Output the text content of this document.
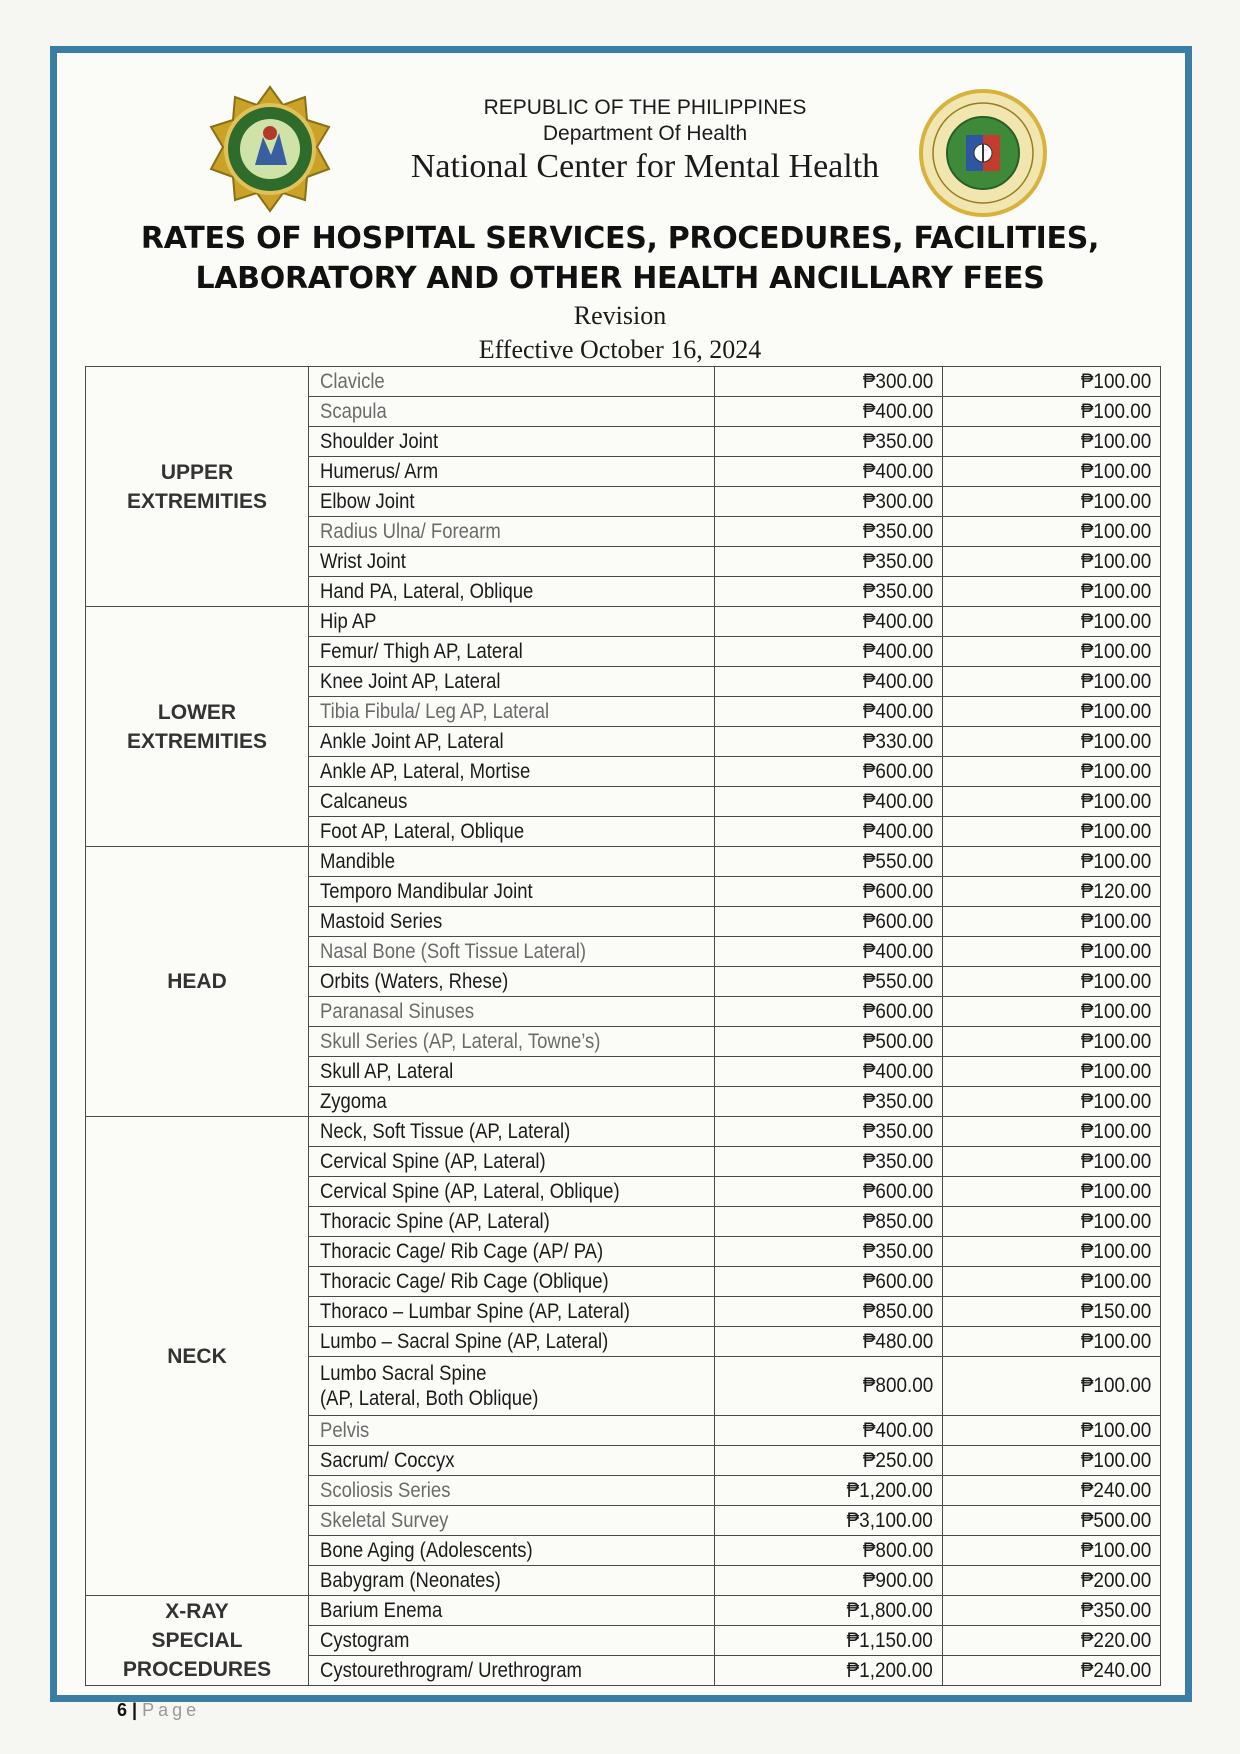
REPUBLIC OF THE PHILIPPINES
Department Of Health
National Center for Mental Health
RATES OF HOSPITAL SERVICES, PROCEDURES, FACILITIES,
LABORATORY AND OTHER HEALTH ANCILLARY FEES
Revision
Effective October 16, 2024
UPPER
EXTREMITIES	Clavicle	₱300.00	₱100.00
	Scapula	₱400.00	₱100.00
	Shoulder Joint	₱350.00	₱100.00
	Humerus/ Arm	₱400.00	₱100.00
	Elbow Joint	₱300.00	₱100.00
	Radius Ulna/ Forearm	₱350.00	₱100.00
	Wrist Joint	₱350.00	₱100.00
	Hand PA, Lateral, Oblique	₱350.00	₱100.00

LOWER
EXTREMITIES	Hip AP	₱400.00	₱100.00
	Femur/ Thigh AP, Lateral	₱400.00	₱100.00
	Knee Joint AP, Lateral	₱400.00	₱100.00
	Tibia Fibula/ Leg AP, Lateral	₱400.00	₱100.00
	Ankle Joint AP, Lateral	₱330.00	₱100.00
	Ankle AP, Lateral, Mortise	₱600.00	₱100.00
	Calcaneus	₱400.00	₱100.00
	Foot AP, Lateral, Oblique	₱400.00	₱100.00

HEAD	Mandible	₱550.00	₱100.00
	Temporo Mandibular Joint	₱600.00	₱120.00
	Mastoid Series	₱600.00	₱100.00
	Nasal Bone (Soft Tissue Lateral)	₱400.00	₱100.00
	Orbits (Waters, Rhese)	₱550.00	₱100.00
	Paranasal Sinuses	₱600.00	₱100.00
	Skull Series (AP, Lateral, Towne’s)	₱500.00	₱100.00
	Skull AP, Lateral	₱400.00	₱100.00
	Zygoma	₱350.00	₱100.00

NECK	Neck, Soft Tissue (AP, Lateral)	₱350.00	₱100.00
	Cervical Spine (AP, Lateral)	₱350.00	₱100.00
	Cervical Spine (AP, Lateral, Oblique)	₱600.00	₱100.00
	Thoracic Spine (AP, Lateral)	₱850.00	₱100.00
	Thoracic Cage/ Rib Cage (AP/ PA)	₱350.00	₱100.00
	Thoracic Cage/ Rib Cage (Oblique)	₱600.00	₱100.00
	Thoraco – Lumbar Spine (AP, Lateral)	₱850.00	₱150.00
	Lumbo – Sacral Spine (AP, Lateral)	₱480.00	₱100.00
	Lumbo Sacral Spine
(AP, Lateral, Both Oblique)	₱800.00	₱100.00
	Pelvis	₱400.00	₱100.00
	Sacrum/ Coccyx	₱250.00	₱100.00
	Scoliosis Series	₱1,200.00	₱240.00
	Skeletal Survey	₱3,100.00	₱500.00
	Bone Aging (Adolescents)	₱800.00	₱100.00
	Babygram (Neonates)	₱900.00	₱200.00

X-RAY
SPECIAL
PROCEDURES	Barium Enema	₱1,800.00	₱350.00
	Cystogram	₱1,150.00	₱220.00
	Cystourethrogram/ Urethrogram	₱1,200.00	₱240.00
6 | Page
